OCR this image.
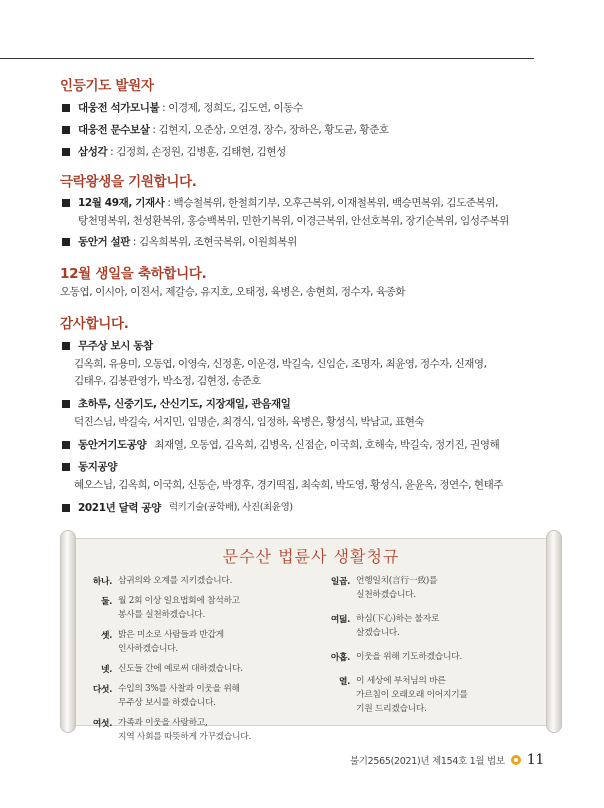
인등기도 발원자
대웅전 석가모니불 : 이경제, 정희도, 김도연, 이동수
대웅전 문수보살 : 김현지, 오준상, 오연경, 장수, 장하은, 황도균, 황준호
삼성각 : 김정희, 손정원, 김병훈, 김태현, 김현성
극락왕생을 기원합니다.
12월 49재, 기재사 : 백승철복위, 한철희기부, 오후근복위, 이재철복위, 백승면복위, 김도준복위,
탕천명복위, 천성환복위, 홍승백복위, 민한기복위, 이경근복위, 안선호복위, 장기순복위, 임성주복위
동안거 설판 : 김옥희복위, 조현국복위, 이원희복위
12월 생일을 축하합니다.
오동엽, 이시아, 이진서, 제갈승, 유지호, 오태정, 육병은, 송현희, 정수자, 육종화
감사합니다.
무주상 보시 동참
김옥희, 유용미, 오동엽, 이영숙, 신정훈, 이운경, 박길숙, 신임순, 조명자, 최윤영, 정수자, 신재영,
김태우, 김봉관영가, 박소정, 김현정, 송준호
초하루, 신중기도, 산신기도, 지장재일, 관음재일
덕진스님, 박길숙, 서지민, 임명순, 최경식, 임정하, 육병은, 황성식, 박남교, 표현숙
동안거기도공양 최재열, 오동엽, 김옥희, 김병옥, 신점순, 이국희, 호해숙, 박길숙, 정기진, 권영해
동지공양
혜오스님, 김옥희, 이국희, 신동순, 박경후, 경기떡집, 최숙희, 박도영, 황성식, 윤윤옥, 정연수, 현태주
2021년 달력 공양 럭키기술(공학배), 사진(최윤영)
문수산 법륜사 생활청규
하나. 삼귀의와 오계를 지키겠습니다.
둘. 월 2회 이상 일요법회에 참석하고
봉사를 실천하겠습니다.
셋. 밝은 미소로 사람들과 반갑게
인사하겠습니다.
넷. 신도들 간에 예로써 대하겠습니다.
다섯. 수입의 3%를 사찰과 이웃을 위해
무주상 보시를 하겠습니다.
여섯. 가족과 이웃을 사랑하고,
지역 사회를 따뜻하게 가꾸겠습니다.
일곱. 언행일치(言行一致)를
실천하겠습니다.
여덟. 하심(下心)하는 불자로
살겠습니다.
아홉. 이웃을 위해 기도하겠습니다.
열. 이 세상에 부처님의 바른
가르침이 오래오래 이어지기를
기원 드리겠습니다.
불기2565(2021)년 제154호 1월 법보 11
